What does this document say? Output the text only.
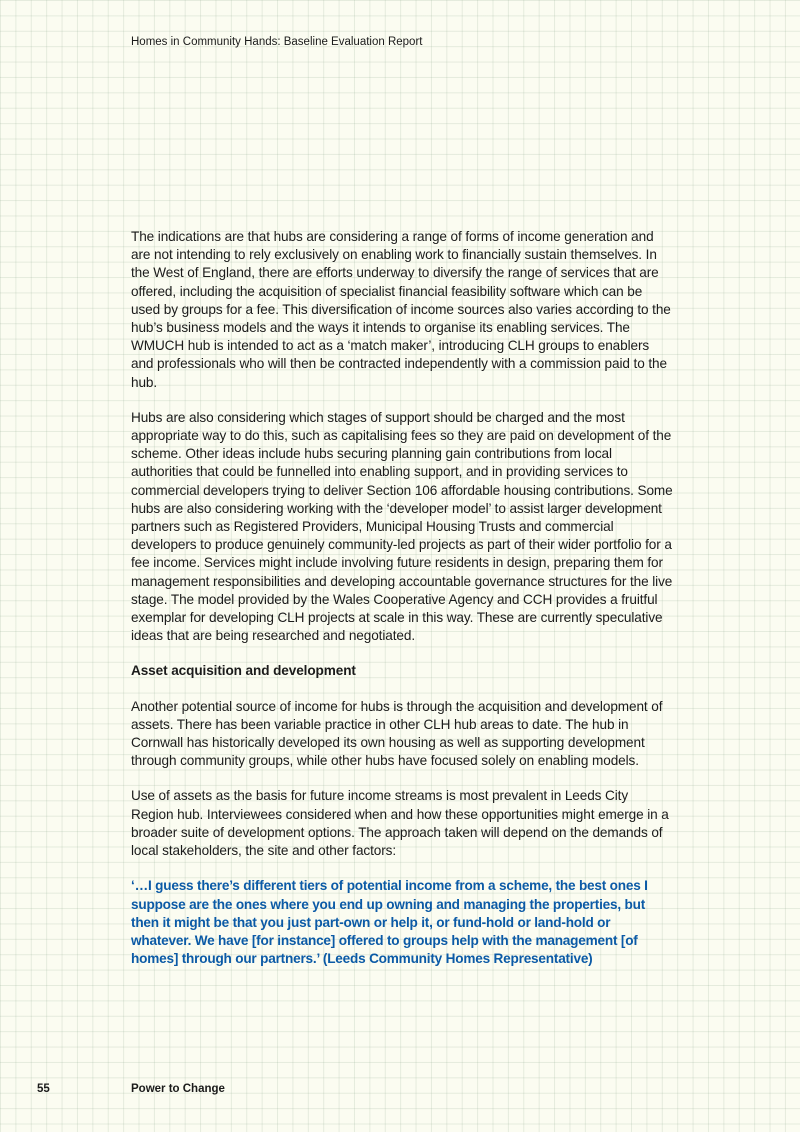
Homes in Community Hands: Baseline Evaluation Report

The indications are that hubs are considering a range of forms of income generation and are not intending to rely exclusively on enabling work to financially sustain themselves. In the West of England, there are efforts underway to diversify the range of services that are offered, including the acquisition of specialist financial feasibility software which can be used by groups for a fee. This diversification of income sources also varies according to the hub’s business models and the ways it intends to organise its enabling services. The WMUCH hub is intended to act as a ‘match maker’, introducing CLH groups to enablers and professionals who will then be contracted independently with a commission paid to the hub.

Hubs are also considering which stages of support should be charged and the most appropriate way to do this, such as capitalising fees so they are paid on development of the scheme. Other ideas include hubs securing planning gain contributions from local authorities that could be funnelled into enabling support, and in providing services to commercial developers trying to deliver Section 106 affordable housing contributions. Some hubs are also considering working with the ‘developer model’ to assist larger development partners such as Registered Providers, Municipal Housing Trusts and commercial developers to produce genuinely community-led projects as part of their wider portfolio for a fee income. Services might include involving future residents in design, preparing them for management responsibilities and developing accountable governance structures for the live stage. The model provided by the Wales Cooperative Agency and CCH provides a fruitful exemplar for developing CLH projects at scale in this way. These are currently speculative ideas that are being researched and negotiated.

Asset acquisition and development

Another potential source of income for hubs is through the acquisition and development of assets. There has been variable practice in other CLH hub areas to date. The hub in Cornwall has historically developed its own housing as well as supporting development through community groups, while other hubs have focused solely on enabling models.

Use of assets as the basis for future income streams is most prevalent in Leeds City Region hub. Interviewees considered when and how these opportunities might emerge in a broader suite of development options. The approach taken will depend on the demands of local stakeholders, the site and other factors:

‘…I guess there’s different tiers of potential income from a scheme, the best ones I suppose are the ones where you end up owning and managing the properties, but then it might be that you just part-own or help it, or fund-hold or land-hold or whatever. We have [for instance] offered to groups help with the management [of homes] through our partners.’ (Leeds Community Homes Representative)

55	Power to Change
